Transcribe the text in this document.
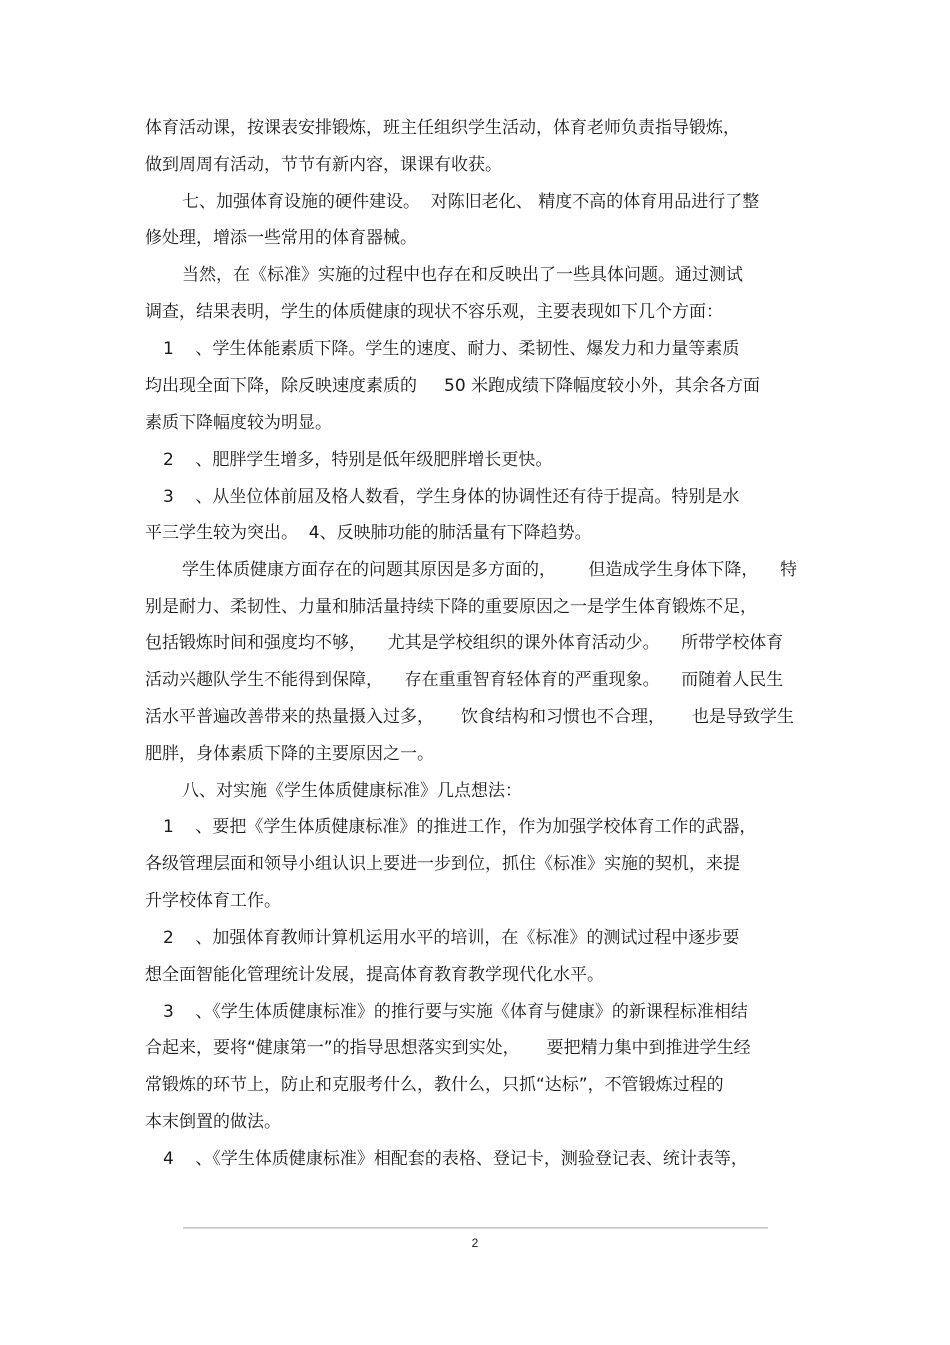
体育活动课，按课表安排锻炼，班主任组织学生活动，体育老师负责指导锻炼，
做到周周有活动，节节有新内容，课课有收获。
七、加强体育设施的硬件建设。  对陈旧老化、 精度不高的体育用品进行了整
修处理，增添一些常用的体育器械。
当然，在《标准》实施的过程中也存在和反映出了一些具体问题。通过测试
调查，结果表明，学生的体质健康的现状不容乐观，主要表现如下几个方面：
1    、学生体能素质下降。学生的速度、耐力、柔韧性、爆发力和力量等素质
均出现全面下降，除反映速度素质的     50 米跑成绩下降幅度较小外，其余各方面
素质下降幅度较为明显。
2    、肥胖学生增多，特别是低年级肥胖增长更快。
3    、从坐位体前屈及格人数看，学生身体的协调性还有待于提高。特别是水
平三学生较为突出。  4、反映肺功能的肺活量有下降趋势。
学生体质健康方面存在的问题其原因是多方面的，      但造成学生身体下降，    特
别是耐力、柔韧性、力量和肺活量持续下降的重要原因之一是学生体育锻炼不足，
包括锻炼时间和强度均不够，    尤其是学校组织的课外体育活动少。    所带学校体育
活动兴趣队学生不能得到保障，    存在重重智育轻体育的严重现象。    而随着人民生
活水平普遍改善带来的热量摄入过多，     饮食结构和习惯也不合理，     也是导致学生
肥胖，身体素质下降的主要原因之一。
八、对实施《学生体质健康标准》几点想法：
1    、要把《学生体质健康标准》的推进工作，作为加强学校体育工作的武器，
各级管理层面和领导小组认识上要进一步到位，抓住《标准》实施的契机，来提
升学校体育工作。
2    、加强体育教师计算机运用水平的培训，在《标准》的测试过程中逐步要
想全面智能化管理统计发展，提高体育教育教学现代化水平。
3    、《学生体质健康标准》的推行要与实施《体育与健康》的新课程标准相结
合起来，要将“健康第一”的指导思想落实到实处，     要把精力集中到推进学生经
常锻炼的环节上，防止和克服考什么，教什么，只抓“达标”，不管锻炼过程的
本末倒置的做法。
4    、《学生体质健康标准》相配套的表格、登记卡，测验登记表、统计表等，
2
